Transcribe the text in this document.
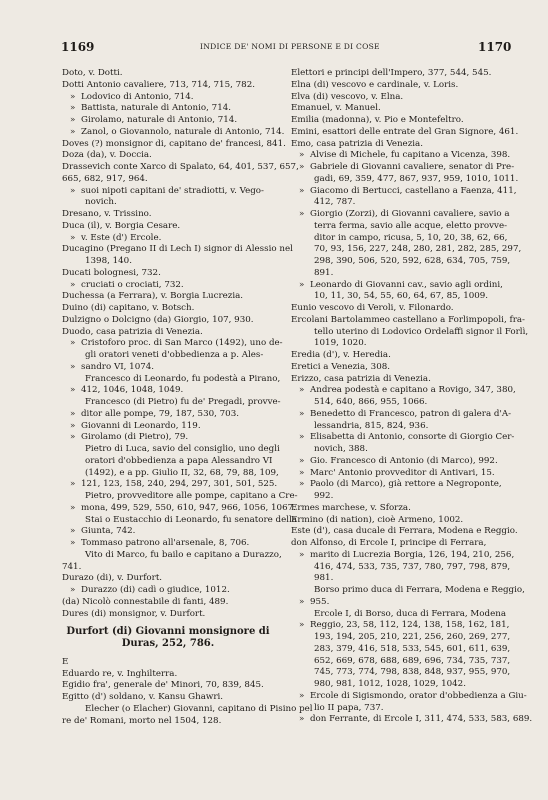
1169	INDICE DE' NOMI DI PERSONE E DI COSE	1170
Doto, v. Dotti.
Dotti Antonio cavaliere, 713, 714, 715, 782.
» Lodovico di Antonio, 714.
» Battista, naturale di Antonio, 714.
» Girolamo, naturale di Antonio, 714.
» Zanol, o Giovannolo, naturale di Antonio, 714.
Doves (?) monsignor di, capitano de' francesi, 841.
Doza (da), v. Doccia.
Drassevich conte Xarco di Spalato, 64, 401, 537, 657,
665, 682, 917, 964.
» suoi nipoti capitani de' stradiotti, v. Vego-
novich.
Dresano, v. Trissino.
Duca (il), v. Borgia Cesare.
» v. Este (d') Ercole.
Ducagino (Pregano II di Lech I) signor di Alessio nel
1398, 140.
Ducati bolognesi, 732.
» cruciati o crociati, 732.
Duchessa (a Ferrara), v. Borgia Lucrezia.
Duino (di) capitano, v. Botsch.
Dulzigno o Dolcigno (da) Giorgio, 107, 930.
Duodo, casa patrizia di Venezia.
» Cristoforo proc. di San Marco (1492), uno de-
gli oratori veneti d'obbedienza a p. Ales-
» sandro VI, 1074.
Francesco di Leonardo, fu podestà a Pirano,
» 412, 1046, 1048, 1049.
Francesco (di Pietro) fu de' Pregadi, provve-
» ditor alle pompe, 79, 187, 530, 703.
» Giovanni di Leonardo, 119.
» Girolamo (di Pietro), 79.
Pietro di Luca, savio del consiglio, uno degli
oratori d'obbedienza a papa Alessandro VI
(1492), e a pp. Giulio II, 32, 68, 79, 88, 109,
» 121, 123, 158, 240, 294, 297, 301, 501, 525.
Pietro, provveditore alle pompe, capitano a Cre-
» mona, 499, 529, 550, 610, 947, 966, 1056, 1067.
Stai o Eustacchio di Leonardo, fu senatore della
» Giunta, 742.
» Tommaso patrono all'arsenale, 8, 706.
Vito di Marco, fu bailo e capitano a Durazzo,
741.
Durazo (di), v. Durfort.
» Durazzo (di) cadì o giudice, 1012.
(da) Nicolò connestabile di fanti, 489.
Dures (di) monsignor, v. Durfort.
Durfort (di) Giovanni monsignore di Duras, 252, 786.
E
Eduardo re, v. Inghilterra.
Egidio fra', generale de' Minori, 70, 839, 845.
Egitto (d') soldano, v. Kansu Ghawri.
Elecher (o Elacher) Giovanni, capitano di Pisino pel
re de' Romani, morto nel 1504, 128.
Elettori e principi dell'Impero, 377, 544, 545.
Elna (di) vescovo e cardinale, v. Loris.
Elva (di) vescovo, v. Elna.
Emanuel, v. Manuel.
Emilia (madonna), v. Pio e Montefeltro.
Emini, esattori delle entrate del Gran Signore, 461.
Emo, casa patrizia di Venezia.
» Alvise di Michele, fu capitano a Vicenza, 398.
» Gabriele di Giovanni cavaliere, senator di Pre-
gadi, 69, 359, 477, 867, 937, 959, 1010, 1011.
» Giacomo di Bertucci, castellano a Faenza, 411,
412, 787.
» Giorgio (Zorzi), di Giovanni cavaliere, savio a
terra ferma, savio alle acque, eletto provve-
ditor in campo, ricusa, 5, 10, 20, 38, 62, 66,
70, 93, 156, 227, 248, 280, 281, 282, 285, 297,
298, 390, 506, 520, 592, 628, 634, 705, 759,
891.
» Leonardo di Giovanni cav., savio agli ordini,
10, 11, 30, 54, 55, 60, 64, 67, 85, 1009.
Eunio vescovo di Veroli, v. Filonardo.
Ercolani Bartolammeo castellano a Forlimpopoli, fra-
tello uterino di Lodovico Ordelaffi signor il Forlì,
1019, 1020.
Eredia (d'), v. Heredia.
Eretici a Venezia, 308.
Erizzo, casa patrizia di Venezia.
» Andrea podestà e capitano a Rovigo, 347, 380,
514, 640, 866, 955, 1066.
» Benedetto di Francesco, patron di galera d'A-
lessandria, 815, 824, 936.
» Elisabetta di Antonio, consorte di Giorgio Cer-
novich, 388.
» Gio. Francesco di Antonio (di Marco), 992.
» Marc' Antonio provveditor di Antivari, 15.
» Paolo (di Marco), già rettore a Negroponte,
992.
Ermes marchese, v. Sforza.
Ermino (di nation), cioè Armeno, 1002.
Este (d'), casa ducale di Ferrara, Modena e Reggio.
don Alfonso, di Ercole I, principe di Ferrara,
» marito di Lucrezia Borgia, 126, 194, 210, 256,
416, 474, 533, 735, 737, 780, 797, 798, 879,
981.
Borso primo duca di Ferrara, Modena e Reggio,
» 955.
Ercole I, di Borso, duca di Ferrara, Modena
» Reggio, 23, 58, 112, 124, 138, 158, 162, 181,
193, 194, 205, 210, 221, 256, 260, 269, 277,
283, 379, 416, 518, 533, 545, 601, 611, 639,
652, 669, 678, 688, 689, 696, 734, 735, 737,
745, 773, 774, 798, 838, 848, 937, 955, 970,
980, 981, 1012, 1028, 1029, 1042.
» Ercole di Sigismondo, orator d'obbedienza a Giu-
lio II papa, 737.
» don Ferrante, di Ercole I, 311, 474, 533, 583, 689.
